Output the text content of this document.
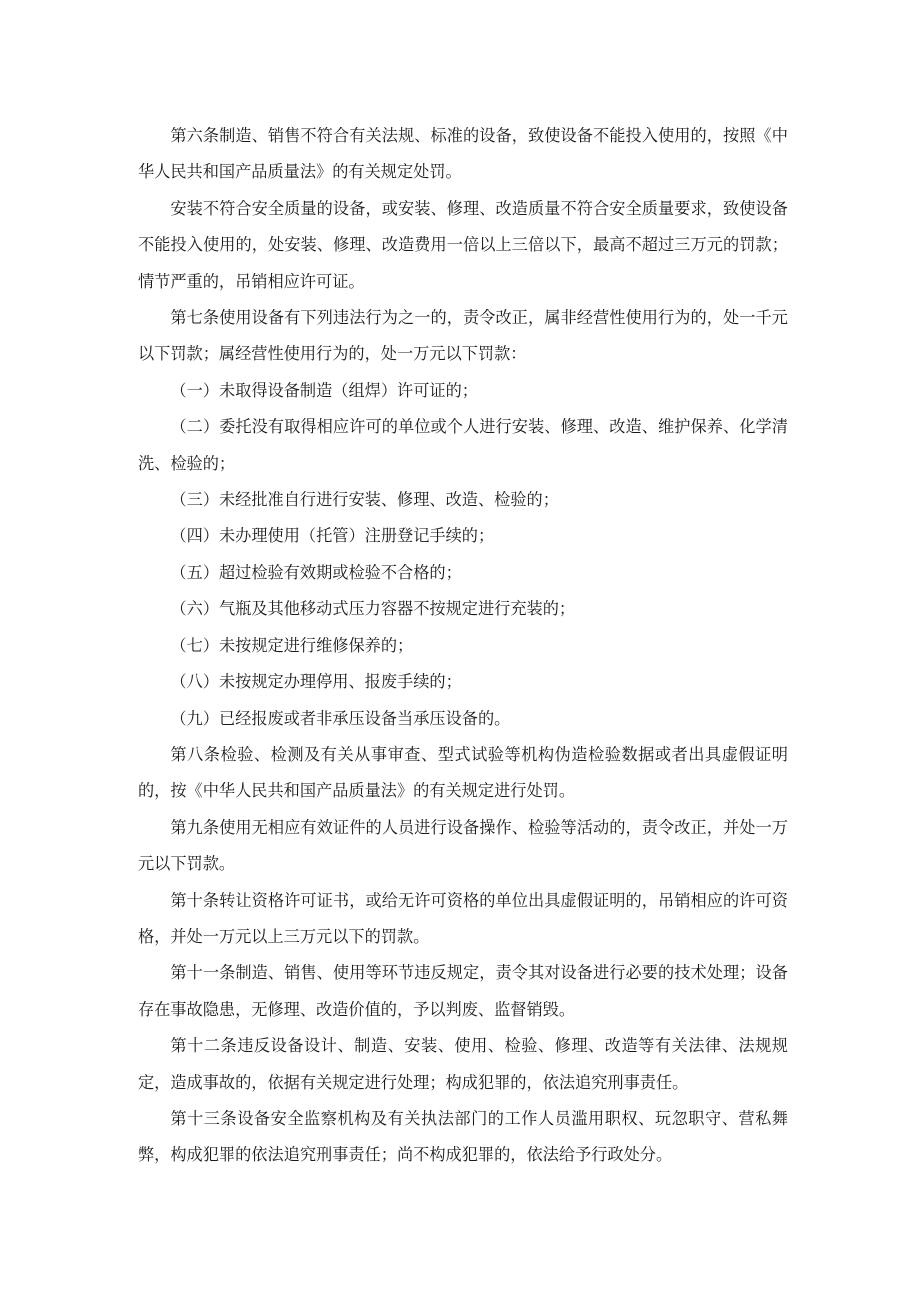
第六条制造、销售不符合有关法规、标准的设备，致使设备不能投入使用的，按照《中华人民共和国产品质量法》的有关规定处罚。

安装不符合安全质量的设备，或安装、修理、改造质量不符合安全质量要求，致使设备不能投入使用的，处安装、修理、改造费用一倍以上三倍以下，最高不超过三万元的罚款；情节严重的，吊销相应许可证。

第七条使用设备有下列违法行为之一的，责令改正，属非经营性使用行为的，处一千元以下罚款；属经营性使用行为的，处一万元以下罚款：

（一）未取得设备制造（组焊）许可证的；

（二）委托没有取得相应许可的单位或个人进行安装、修理、改造、维护保养、化学清洗、检验的；

（三）未经批准自行进行安装、修理、改造、检验的；

（四）未办理使用（托管）注册登记手续的；

（五）超过检验有效期或检验不合格的；

（六）气瓶及其他移动式压力容器不按规定进行充装的；

（七）未按规定进行维修保养的；

（八）未按规定办理停用、报废手续的；

（九）已经报废或者非承压设备当承压设备的。

第八条检验、检测及有关从事审查、型式试验等机构伪造检验数据或者出具虚假证明的，按《中华人民共和国产品质量法》的有关规定进行处罚。

第九条使用无相应有效证件的人员进行设备操作、检验等活动的，责令改正，并处一万元以下罚款。

第十条转让资格许可证书，或给无许可资格的单位出具虚假证明的，吊销相应的许可资格，并处一万元以上三万元以下的罚款。

第十一条制造、销售、使用等环节违反规定，责令其对设备进行必要的技术处理；设备存在事故隐患，无修理、改造价值的，予以判废、监督销毁。

第十二条违反设备设计、制造、安装、使用、检验、修理、改造等有关法律、法规规定，造成事故的，依据有关规定进行处理；构成犯罪的，依法追究刑事责任。

第十三条设备安全监察机构及有关执法部门的工作人员滥用职权、玩忽职守、营私舞弊，构成犯罪的依法追究刑事责任；尚不构成犯罪的，依法给予行政处分。
